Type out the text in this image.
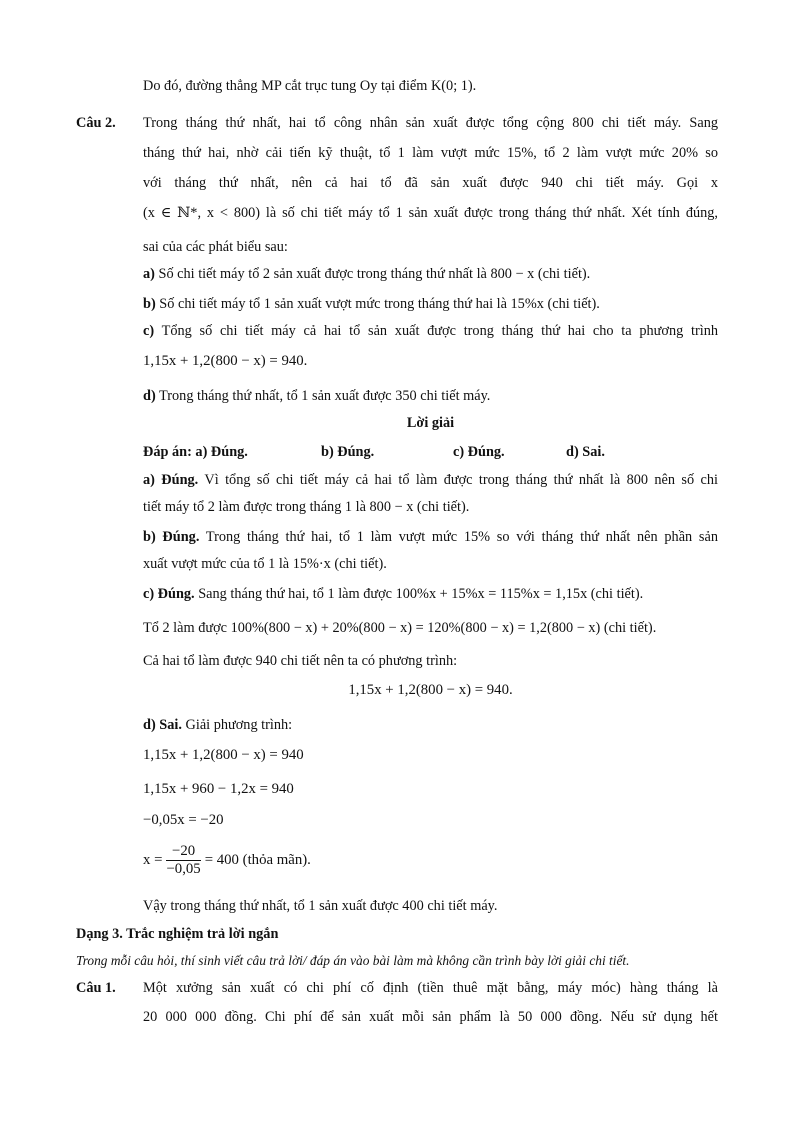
Do đó, đường thẳng MP cắt trục tung Oy tại điểm K(0; 1).
Câu 2. Trong tháng thứ nhất, hai tổ công nhân sản xuất được tổng cộng 800 chi tiết máy. Sang
tháng thứ hai, nhờ cải tiến kỹ thuật, tổ 1 làm vượt mức 15%, tổ 2 làm vượt mức 20% so
với tháng thứ nhất, nên cả hai tổ đã sản xuất được 940 chi tiết máy. Gọi x
(x ∈ ℕ*, x < 800) là số chi tiết máy tổ 1 sản xuất được trong tháng thứ nhất. Xét tính đúng,
sai của các phát biểu sau:
a) Số chi tiết máy tổ 2 sản xuất được trong tháng thứ nhất là 800 − x (chi tiết).
b) Số chi tiết máy tổ 1 sản xuất vượt mức trong tháng thứ hai là 15%x (chi tiết).
c) Tổng số chi tiết máy cả hai tổ sản xuất được trong tháng thứ hai cho ta phương trình
1,15x + 1,2(800 − x) = 940.
d) Trong tháng thứ nhất, tổ 1 sản xuất được 350 chi tiết máy.
Lời giải
Đáp án: a) Đúng.	b) Đúng.	c) Đúng.	d) Sai.
a) Đúng. Vì tổng số chi tiết máy cả hai tổ làm được trong tháng thứ nhất là 800 nên số chi
tiết máy tổ 2 làm được trong tháng 1 là 800 − x (chi tiết).
b) Đúng. Trong tháng thứ hai, tổ 1 làm vượt mức 15% so với tháng thứ nhất nên phần sản
xuất vượt mức của tổ 1 là 15%·x (chi tiết).
c) Đúng. Sang tháng thứ hai, tổ 1 làm được 100%x + 15%x = 115%x = 1,15x (chi tiết).
Tổ 2 làm được 100%(800 − x) + 20%(800 − x) = 120%(800 − x) = 1,2(800 − x) (chi tiết).
Cả hai tổ làm được 940 chi tiết nên ta có phương trình:
1,15x + 1,2(800 − x) = 940.
d) Sai. Giải phương trình:
1,15x + 1,2(800 − x) = 940
1,15x + 960 − 1,2x = 940
−0,05x = −20
$x = \frac{-20}{-0,05} = 400$ (thỏa mãn).
Vậy trong tháng thứ nhất, tổ 1 sản xuất được 400 chi tiết máy.
Dạng 3. Trắc nghiệm trả lời ngắn
Trong mỗi câu hỏi, thí sinh viết câu trả lời/ đáp án vào bài làm mà không cần trình bày lời giải chi tiết.
Câu 1. Một xưởng sản xuất có chi phí cố định (tiền thuê mặt bằng, máy móc) hàng tháng là
20 000 000 đồng. Chi phí để sản xuất mỗi sản phẩm là 50 000 đồng. Nếu sử dụng hết
